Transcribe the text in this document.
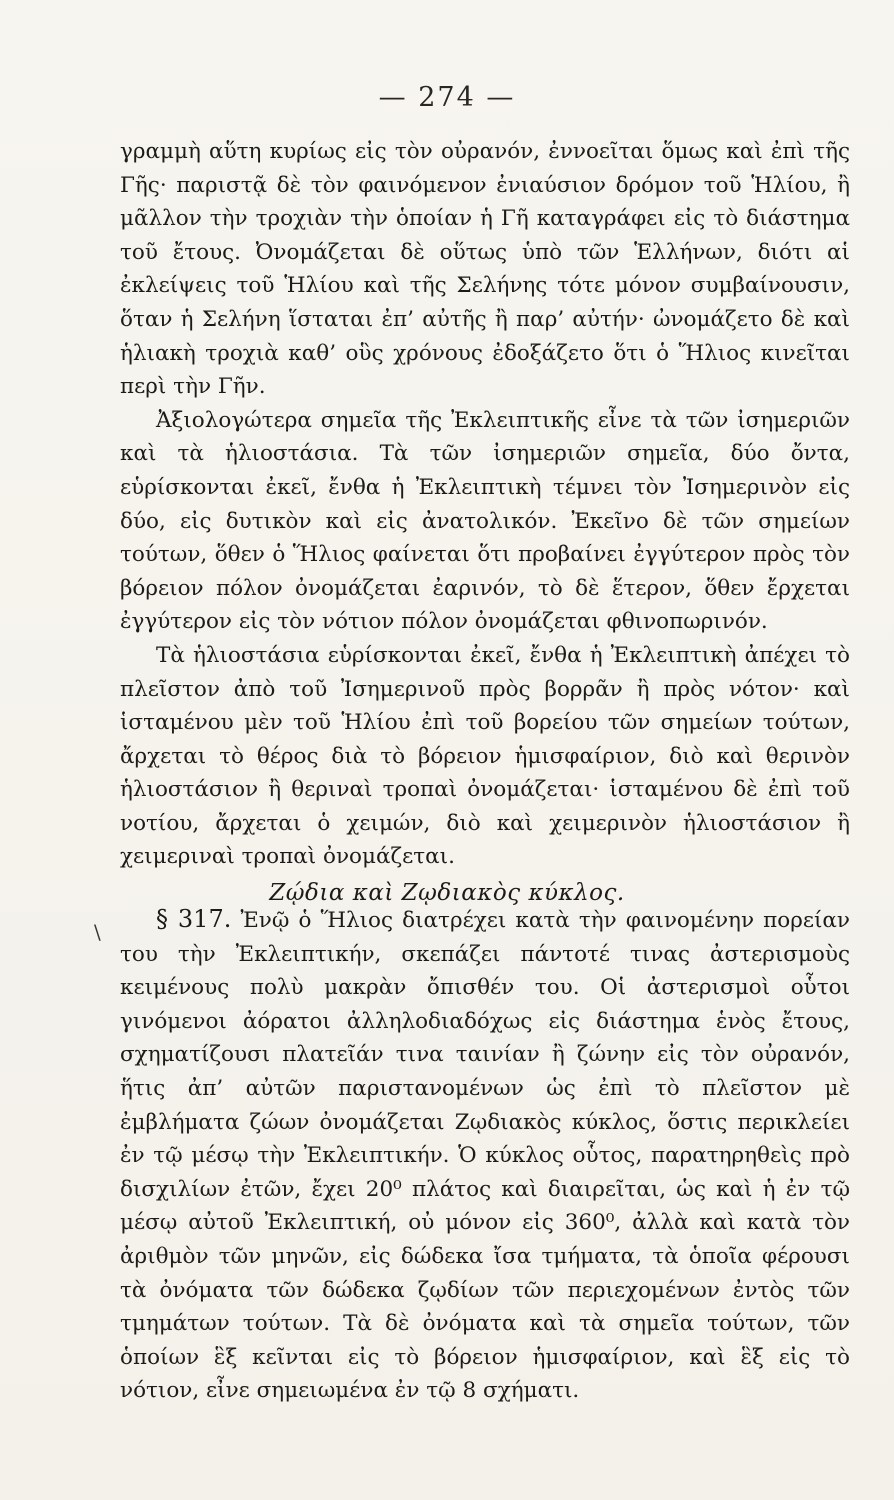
— 274 —

γραμμὴ αὕτη κυρίως εἰς τὸν οὐρανόν, ἐννοεῖται ὅμως καὶ ἐπὶ τῆς Γῆς· παριστᾷ δὲ τὸν φαινόμενον ἐνιαύσιον δρόμον τοῦ Ἡλίου, ἢ μᾶλλον τὴν τροχιὰν τὴν ὁποίαν ἡ Γῆ καταγράφει εἰς τὸ διάστημα τοῦ ἔτους. Ὀνομάζεται δὲ οὕτως ὑπὸ τῶν Ἑλλήνων, διότι αἱ ἐκλείψεις τοῦ Ἡλίου καὶ τῆς Σελήνης τότε μόνον συμβαίνουσιν, ὅταν ἡ Σελήνη ἵσταται ἐπ’ αὐτῆς ἢ παρ’ αὐτήν· ὠνομάζετο δὲ καὶ ἡλιακὴ τροχιὰ καθ’ οὓς χρόνους ἐδοξάζετο ὅτι ὁ Ἥλιος κινεῖται περὶ τὴν Γῆν.

Ἀξιολογώτερα σημεῖα τῆς Ἐκλειπτικῆς εἶνε τὰ τῶν ἰσημεριῶν καὶ τὰ ἡλιοστάσια. Τὰ τῶν ἰσημεριῶν σημεῖα, δύο ὄντα, εὑρίσκονται ἐκεῖ, ἔνθα ἡ Ἐκλειπτικὴ τέμνει τὸν Ἰσημερινὸν εἰς δύο, εἰς δυτικὸν καὶ εἰς ἀνατολικόν. Ἐκεῖνο δὲ τῶν σημείων τούτων, ὅθεν ὁ Ἥλιος φαίνεται ὅτι προβαίνει ἐγγύτερον πρὸς τὸν βόρειον πόλον ὀνομάζεται ἐαρινόν, τὸ δὲ ἕτερον, ὅθεν ἔρχεται ἐγγύτερον εἰς τὸν νότιον πόλον ὀνομάζεται φθινοπωρινόν.

Τὰ ἡλιοστάσια εὑρίσκονται ἐκεῖ, ἔνθα ἡ Ἐκλειπτικὴ ἀπέχει τὸ πλεῖστον ἀπὸ τοῦ Ἰσημερινοῦ πρὸς βορρᾶν ἢ πρὸς νότον· καὶ ἱσταμένου μὲν τοῦ Ἡλίου ἐπὶ τοῦ βορείου τῶν σημείων τούτων, ἄρχεται τὸ θέρος διὰ τὸ βόρειον ἡμισφαίριον, διὸ καὶ θερινὸν ἡλιοστάσιον ἢ θεριναὶ τροπαὶ ὀνομάζεται· ἱσταμένου δὲ ἐπὶ τοῦ νοτίου, ἄρχεται ὁ χειμών, διὸ καὶ χειμερινὸν ἡλιοστάσιον ἢ χειμεριναὶ τροπαὶ ὀνομάζεται.

Ζῴδια καὶ Ζῳδιακὸς κύκλος.
\	§ 317. Ἐνῷ ὁ Ἥλιος διατρέχει κατὰ τὴν φαινομένην πορείαν του τὴν Ἐκλειπτικήν, σκεπάζει πάντοτέ τινας ἀστερισμοὺς κειμένους πολὺ μακρὰν ὄπισθέν του. Οἱ ἀστερισμοὶ οὗτοι γινόμενοι ἀόρατοι ἀλληλοδιαδόχως εἰς διάστημα ἑνὸς ἔτους, σχηματίζουσι πλατεῖάν τινα ταινίαν ἢ ζώνην εἰς τὸν οὐρανόν, ἥτις ἀπ’ αὐτῶν παριστανομένων ὡς ἐπὶ τὸ πλεῖστον μὲ ἐμβλήματα ζώων ὀνομάζεται Ζῳδιακὸς κύκλος, ὅστις περικλείει ἐν τῷ μέσῳ τὴν Ἐκλειπτικήν. Ὁ κύκλος οὗτος, παρατηρηθεὶς πρὸ δισχιλίων ἐτῶν, ἔχει 20⁰ πλάτος καὶ διαιρεῖται, ὡς καὶ ἡ ἐν τῷ μέσῳ αὐτοῦ Ἐκλειπτική, οὐ μόνον εἰς 360⁰, ἀλλὰ καὶ κατὰ τὸν ἀριθμὸν τῶν μηνῶν, εἰς δώδεκα ἴσα τμήματα, τὰ ὁποῖα φέρουσι τὰ ὀνόματα τῶν δώδεκα ζῳδίων τῶν περιεχομένων ἐντὸς τῶν τμημάτων τούτων. Τὰ δὲ ὀνόματα καὶ τὰ σημεῖα τούτων, τῶν ὁποίων ἓξ κεῖνται εἰς τὸ βόρειον ἡμισφαίριον, καὶ ἓξ εἰς τὸ νότιον, εἶνε σημειωμένα ἐν τῷ 8 σχήματι.
